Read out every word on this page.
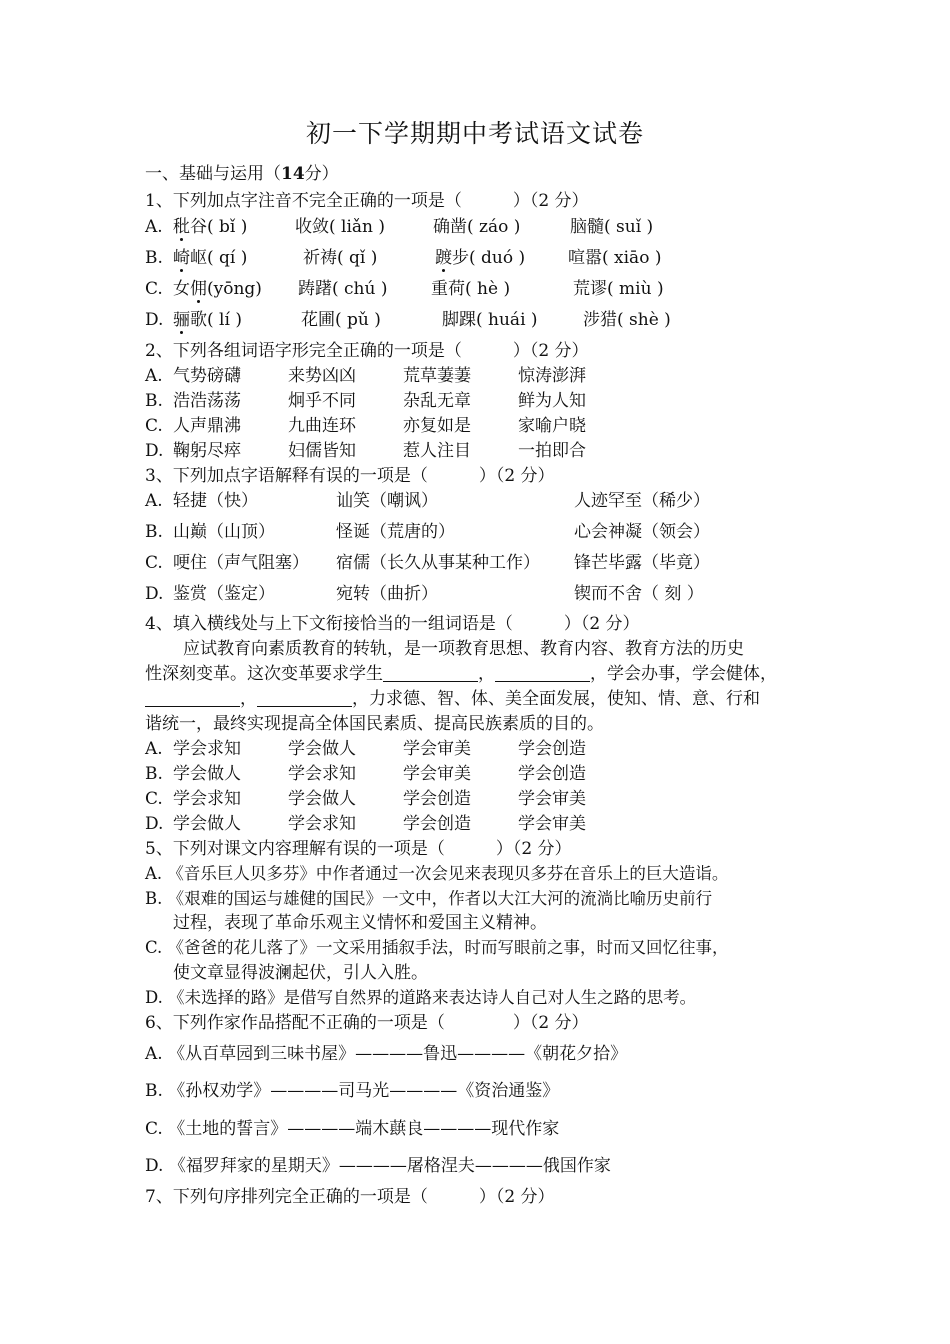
初一下学期期中考试语文试卷
一、基础与运用（14分）
1、下列加点字注音不完全正确的一项是（　　　）（2 分）
A. 秕谷( bǐ )	收敛( liǎn )	确凿( záo )	脑髓( suǐ )
B. 崎岖( qí )	祈祷( qǐ )	踱步( duó )	喧嚣( xiāo )
C. 女佣(yōng) 踌躇( chú )	重荷( hè )	荒谬( miù )
D. 骊歌( lí )	花圃( pǔ )	脚踝( huái )	涉猎( shè )
2、下列各组词语字形完全正确的一项是（　　　）（2 分）
A. 气势磅礴	来势凶凶	荒草萋萋	惊涛澎湃
B. 浩浩荡荡	炯乎不同	杂乱无章	鲜为人知
C. 人声鼎沸	九曲连环	亦复如是	家喻户晓
D. 鞠躬尽瘁	妇儒皆知	惹人注目	一拍即合
3、下列加点字语解释有误的一项是（　　　）（2 分）
A. 轻捷（快）	讪笑（嘲讽）	人迹罕至（稀少）
B. 山巅（山顶）	怪诞（荒唐的）	心会神凝（领会）
C. 哽住（声气阻塞） 宿儒（长久从事某种工作） 锋芒毕露（毕竟）
D. 鉴赏（鉴定）	宛转（曲折）	锲而不舍（ 刻 ）
4、填入横线处与上下文衔接恰当的一组词语是（　　　）（2 分）
应试教育向素质教育的转轨，是一项教育思想、教育内容、教育方法的历史
性深刻变革。这次变革要求学生	，	，学会办事，学会健体，
，	，力求德、智、体、美全面发展，使知、情、意、行和
谐统一，最终实现提高全体国民素质、提高民族素质的目的。
A. 学会求知	学会做人	学会审美	学会创造
B. 学会做人	学会求知	学会审美	学会创造
C. 学会求知	学会做人	学会创造	学会审美
D. 学会做人	学会求知	学会创造	学会审美
5、下列对课文内容理解有误的一项是（　　　）（2 分）
A. 《音乐巨人贝多芬》中作者通过一次会见来表现贝多芬在音乐上的巨大造诣。
B. 《艰难的国运与雄健的国民》一文中，作者以大江大河的流淌比喻历史前行
过程，表现了革命乐观主义情怀和爱国主义精神。
C. 《爸爸的花儿落了》一文采用插叙手法，时而写眼前之事，时而又回忆往事，
使文章显得波澜起伏，引人入胜。
D. 《未选择的路》是借写自然界的道路来表达诗人自己对人生之路的思考。
6、下列作家作品搭配不正确的一项是（　　　　）（2 分）
A. 《从百草园到三味书屋》————鲁迅————《朝花夕拾》
B. 《孙权劝学》————司马光————《资治通鉴》
C. 《土地的誓言》————端木蕻良————现代作家
D. 《福罗拜家的星期天》————屠格涅夫————俄国作家
7、下列句序排列完全正确的一项是（　　　）（2 分）
